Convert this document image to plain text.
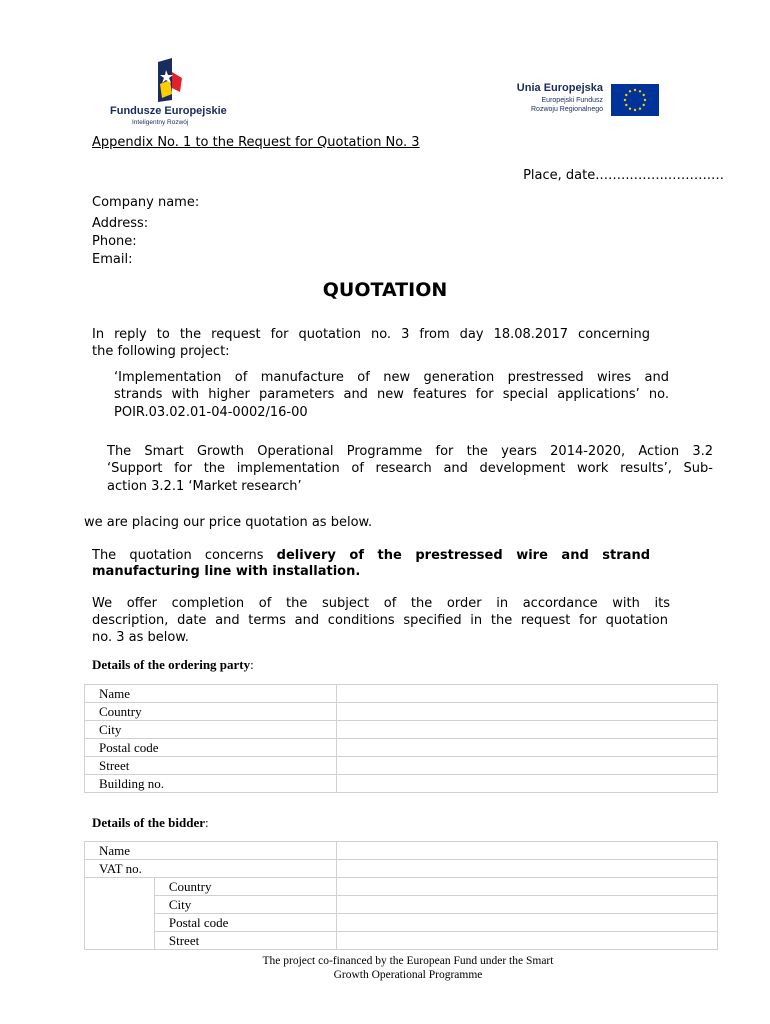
Fundusze Europejskie
Inteligentny Rozwój
Unia Europejska
Europejski Fundusz
Rozwoju Regionalnego
Appendix No. 1 to the Request for Quotation No. 3
Place, date.……..……..……….…
Company name:
Address:
Phone:
Email:
QUOTATION
In reply to the request for quotation no. 3 from day 18.08.2017 concerning
the following project:
‘Implementation of manufacture of new generation prestressed wires and
strands with higher parameters and new features for special applications’ no.
POIR.03.02.01-04-0002/16-00
The Smart Growth Operational Programme for the years 2014-2020, Action 3.2
‘Support for the implementation of research and development work results’, Sub-
action 3.2.1 ‘Market research’
we are placing our price quotation as below.
The quotation concerns delivery of the prestressed wire and strand
manufacturing line with installation.
We offer completion of the subject of the order in accordance with its
description, date and terms and conditions specified in the request for quotation
no. 3 as below.
Details of the ordering party:
Name	
Country	
City	
Postal code	
Street	
Building no.	
Details of the bidder:
Name		
VAT no.		
	Country	
	City	
	Postal code	
	Street	
The project co-financed by the European Fund under the Smart
Growth Operational Programme
